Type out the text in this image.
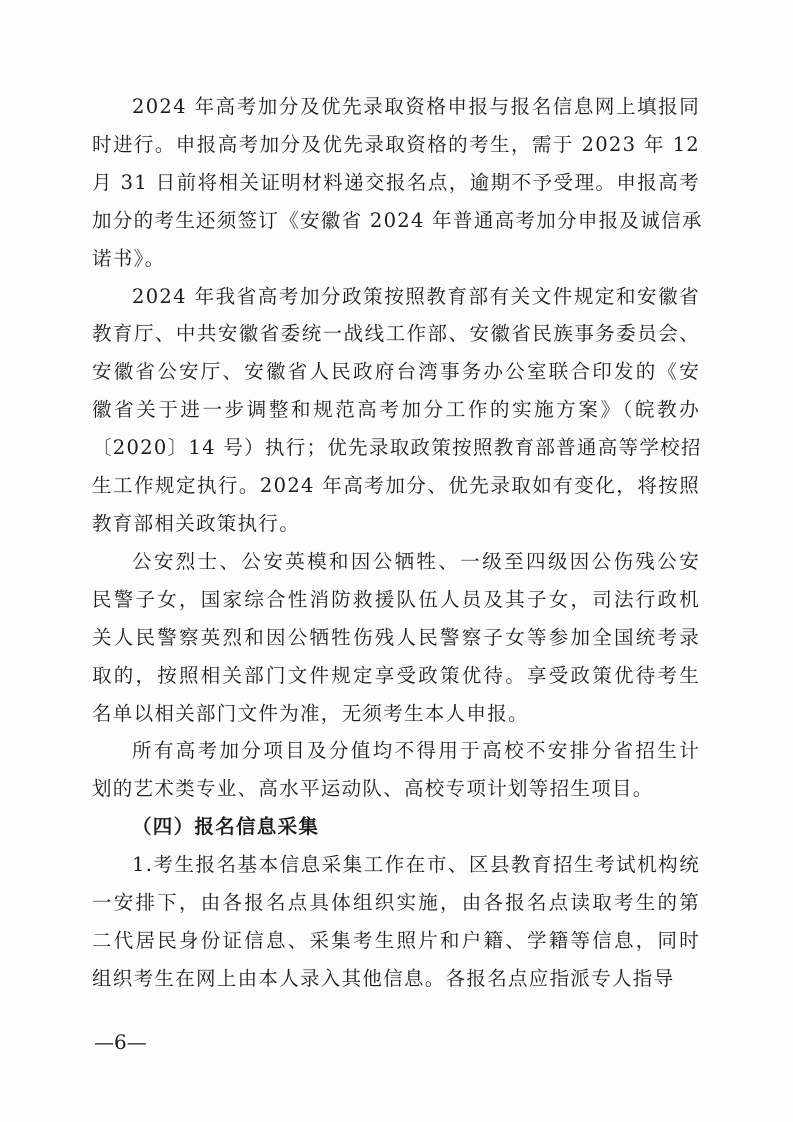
2024 年高考加分及优先录取资格申报与报名信息网上填报同
时进行。申报高考加分及优先录取资格的考生，需于 2023 年 12
月 31 日前将相关证明材料递交报名点，逾期不予受理。申报高考
加分的考生还须签订《安徽省 2024 年普通高考加分申报及诚信承
诺书》。
2024 年我省高考加分政策按照教育部有关文件规定和安徽省
教育厅、中共安徽省委统一战线工作部、安徽省民族事务委员会、
安徽省公安厅、安徽省人民政府台湾事务办公室联合印发的《安
徽省关于进一步调整和规范高考加分工作的实施方案》（皖教办
〔2020〕14 号）执行；优先录取政策按照教育部普通高等学校招
生工作规定执行。2024 年高考加分、优先录取如有变化，将按照
教育部相关政策执行。
公安烈士、公安英模和因公牺牲、一级至四级因公伤残公安
民警子女，国家综合性消防救援队伍人员及其子女，司法行政机
关人民警察英烈和因公牺牲伤残人民警察子女等参加全国统考录
取的，按照相关部门文件规定享受政策优待。享受政策优待考生
名单以相关部门文件为准，无须考生本人申报。
所有高考加分项目及分值均不得用于高校不安排分省招生计
划的艺术类专业、高水平运动队、高校专项计划等招生项目。
（四）报名信息采集
1.考生报名基本信息采集工作在市、区县教育招生考试机构统
一安排下，由各报名点具体组织实施，由各报名点读取考生的第
二代居民身份证信息、采集考生照片和户籍、学籍等信息，同时
组织考生在网上由本人录入其他信息。各报名点应指派专人指导
—6—
